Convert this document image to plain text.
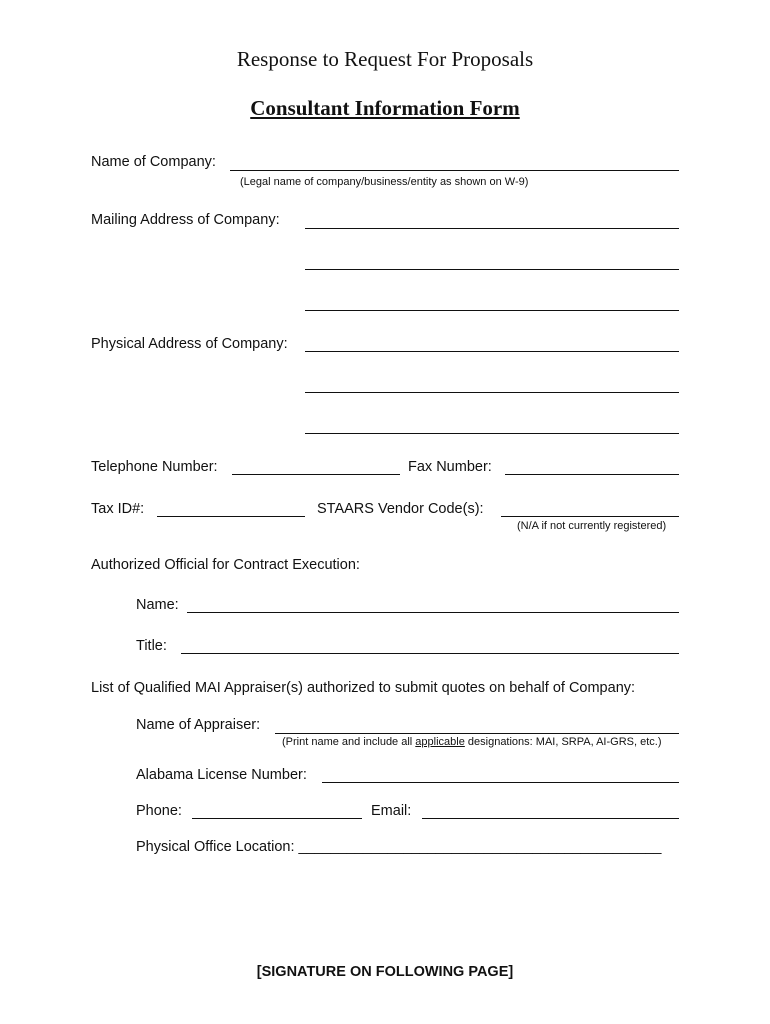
Response to Request For Proposals
Consultant Information Form
Name of Company:
(Legal name of company/business/entity as shown on W-9)
Mailing Address of Company:
Physical Address of Company:
Telephone Number:	Fax Number:
Tax ID#:	STAARS Vendor Code(s):
(N/A if not currently registered)
Authorized Official for Contract Execution:
Name:
Title:
List of Qualified MAI Appraiser(s) authorized to submit quotes on behalf of Company:
Name of Appraiser:
(Print name and include all applicable designations: MAI, SRPA, AI-GRS, etc.)
Alabama License Number:
Phone:	Email:
Physical Office Location: _____________________________________________
[SIGNATURE ON FOLLOWING PAGE]
